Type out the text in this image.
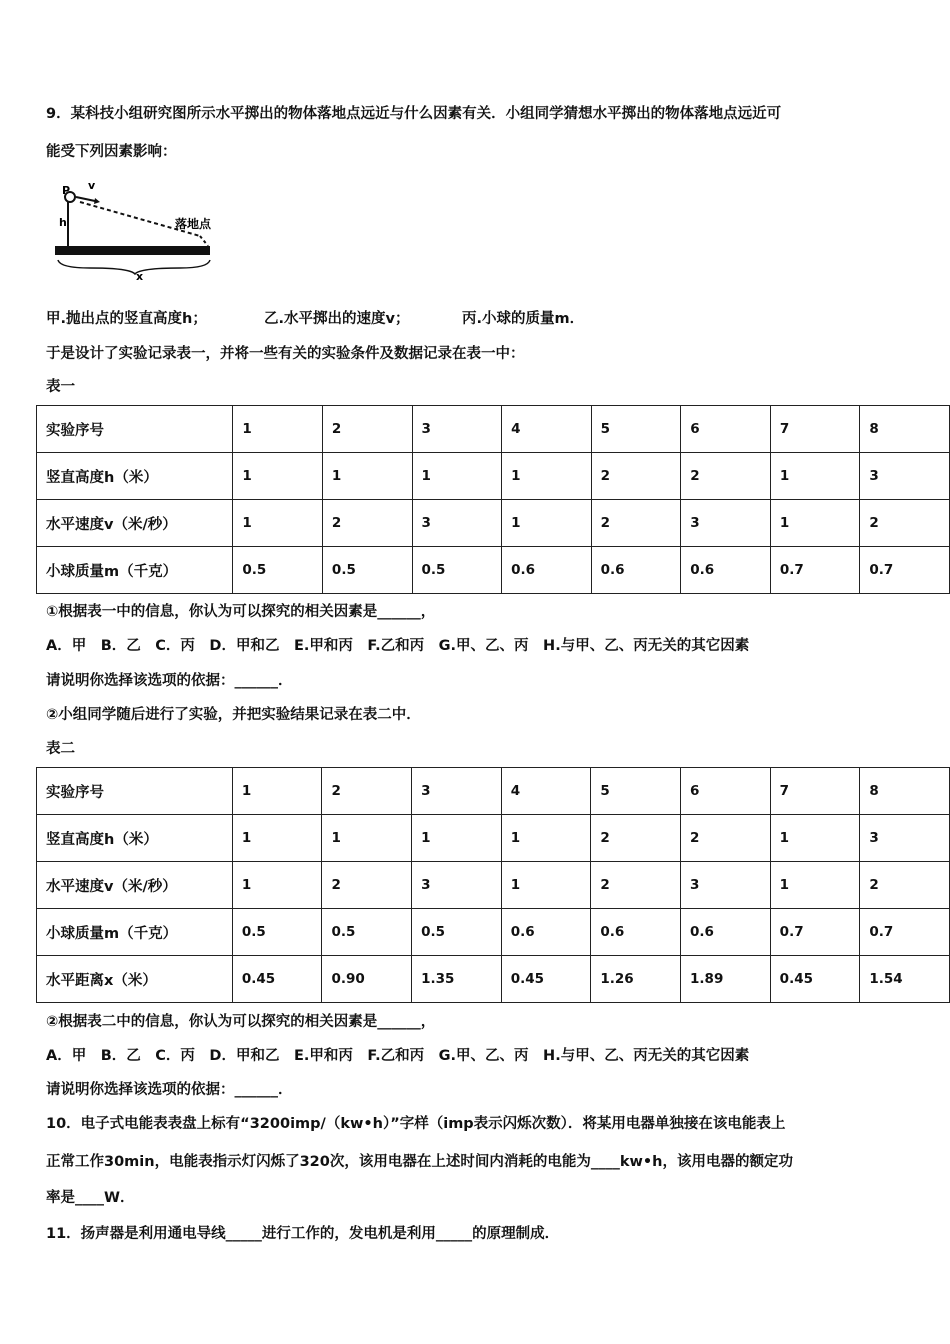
9．某科技小组研究图所示水平掷出的物体落地点远近与什么因素有关．小组同学猜想水平掷出的物体落地点远近可
能受下列因素影响：
P v
h
x
落地点
甲.抛出点的竖直高度h；	乙.水平掷出的速度v；	丙.小球的质量m．
于是设计了实验记录表一，并将一些有关的实验条件及数据记录在表一中：
表一
实验序号	1	2	3	4	5	6	7	8
竖直高度h（米）	1	1	1	1	2	2	1	3
水平速度v（米/秒）	1	2	3	1	2	3	1	2
小球质量m（千克）	0.5	0.5	0.5	0.6	0.6	0.6	0.7	0.7
①根据表一中的信息，你认为可以探究的相关因素是______，
A．甲　B．乙　C．丙　D．甲和乙　E.甲和丙　F.乙和丙　G.甲、乙、丙　H.与甲、乙、丙无关的其它因素
请说明你选择该选项的依据：______．
②小组同学随后进行了实验，并把实验结果记录在表二中．
表二
实验序号	1	2	3	4	5	6	7	8
竖直高度h（米）	1	1	1	1	2	2	1	3
水平速度v（米/秒）	1	2	3	1	2	3	1	2
小球质量m（千克）	0.5	0.5	0.5	0.6	0.6	0.6	0.7	0.7
水平距离x（米）	0.45	0.90	1.35	0.45	1.26	1.89	0.45	1.54
②根据表二中的信息，你认为可以探究的相关因素是______，
A．甲　B．乙　C．丙　D．甲和乙　E.甲和丙　F.乙和丙　G.甲、乙、丙　H.与甲、乙、丙无关的其它因素
请说明你选择该选项的依据：______．
10．电子式电能表表盘上标有“3200imp/（kw•h）”字样（imp表示闪烁次数）．将某用电器单独接在该电能表上
正常工作30min，电能表指示灯闪烁了320次，该用电器在上述时间内消耗的电能为____kw•h，该用电器的额定功
率是____W．
11．扬声器是利用通电导线_____进行工作的，发电机是利用_____的原理制成．
